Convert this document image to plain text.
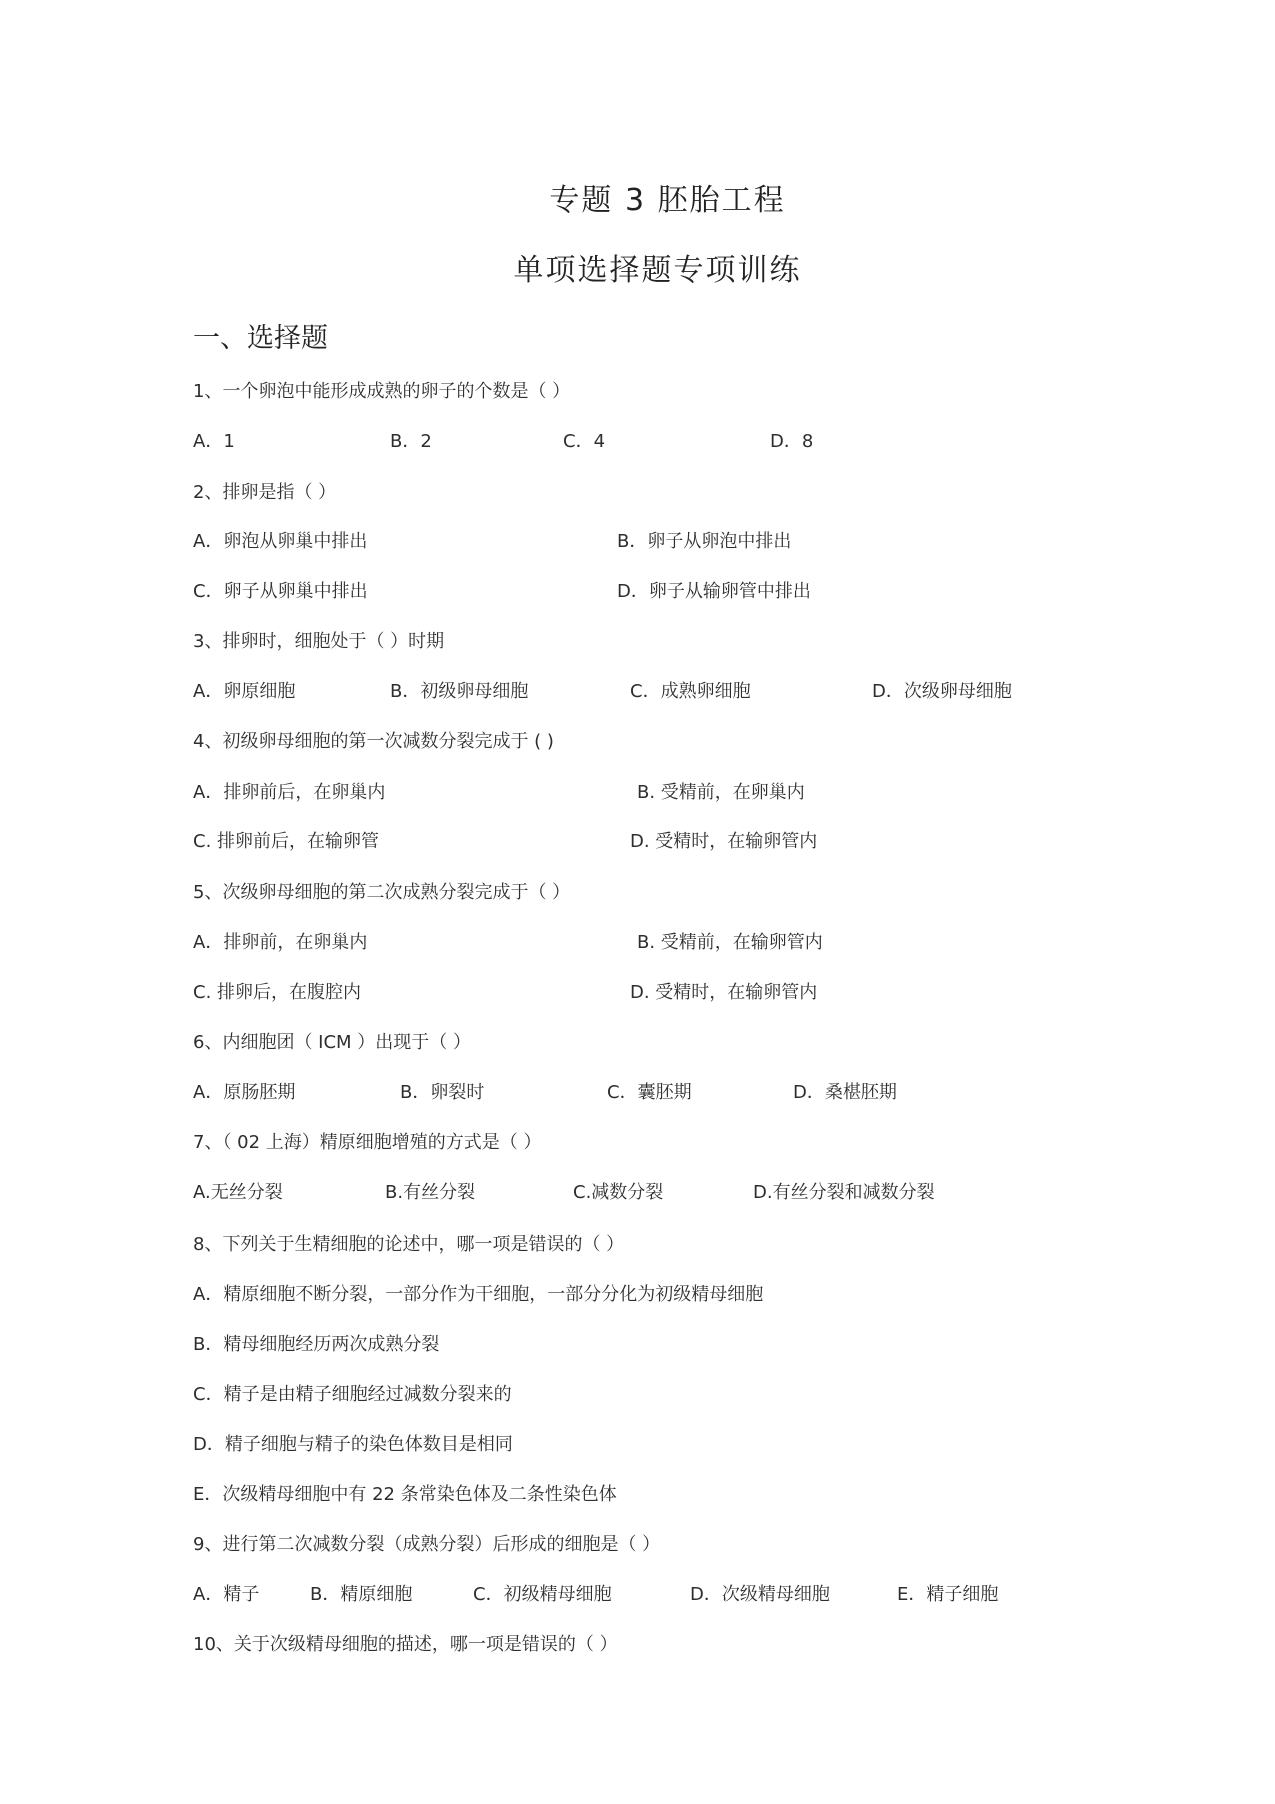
专题 3 胚胎工程
单项选择题专项训练
一、选择题
1、一个卵泡中能形成成熟的卵子的个数是（ ）
A．1	B．2	C．4	D．8
2、排卵是指（ ）
A．卵泡从卵巢中排出	B．卵子从卵泡中排出
C．卵子从卵巢中排出	D．卵子从输卵管中排出
3、排卵时，细胞处于（ ）时期
A．卵原细胞	B．初级卵母细胞	C．成熟卵细胞	D．次级卵母细胞
4、初级卵母细胞的第一次减数分裂完成于 ( )
A．排卵前后，在卵巢内	B. 受精前，在卵巢内
C. 排卵前后，在输卵管	D. 受精时，在输卵管内
5、次级卵母细胞的第二次成熟分裂完成于（ ）
A．排卵前，在卵巢内	B. 受精前，在输卵管内
C. 排卵后，在腹腔内	D. 受精时，在输卵管内
6、内细胞团（ ICM ）出现于（ ）
A．原肠胚期	B．卵裂时	C．囊胚期	D．桑椹胚期
7、（ 02 上海）精原细胞增殖的方式是（ ）
A.无丝分裂	B.有丝分裂	C.减数分裂	D.有丝分裂和减数分裂
8、下列关于生精细胞的论述中，哪一项是错误的（ ）
A．精原细胞不断分裂，一部分作为干细胞，一部分分化为初级精母细胞
B．精母细胞经历两次成熟分裂
C．精子是由精子细胞经过减数分裂来的
D．精子细胞与精子的染色体数目是相同
E．次级精母细胞中有 22 条常染色体及二条性染色体
9、进行第二次减数分裂（成熟分裂）后形成的细胞是（ ）
A．精子	B．精原细胞	C．初级精母细胞	D．次级精母细胞	E．精子细胞
10、关于次级精母细胞的描述，哪一项是错误的（ ）
